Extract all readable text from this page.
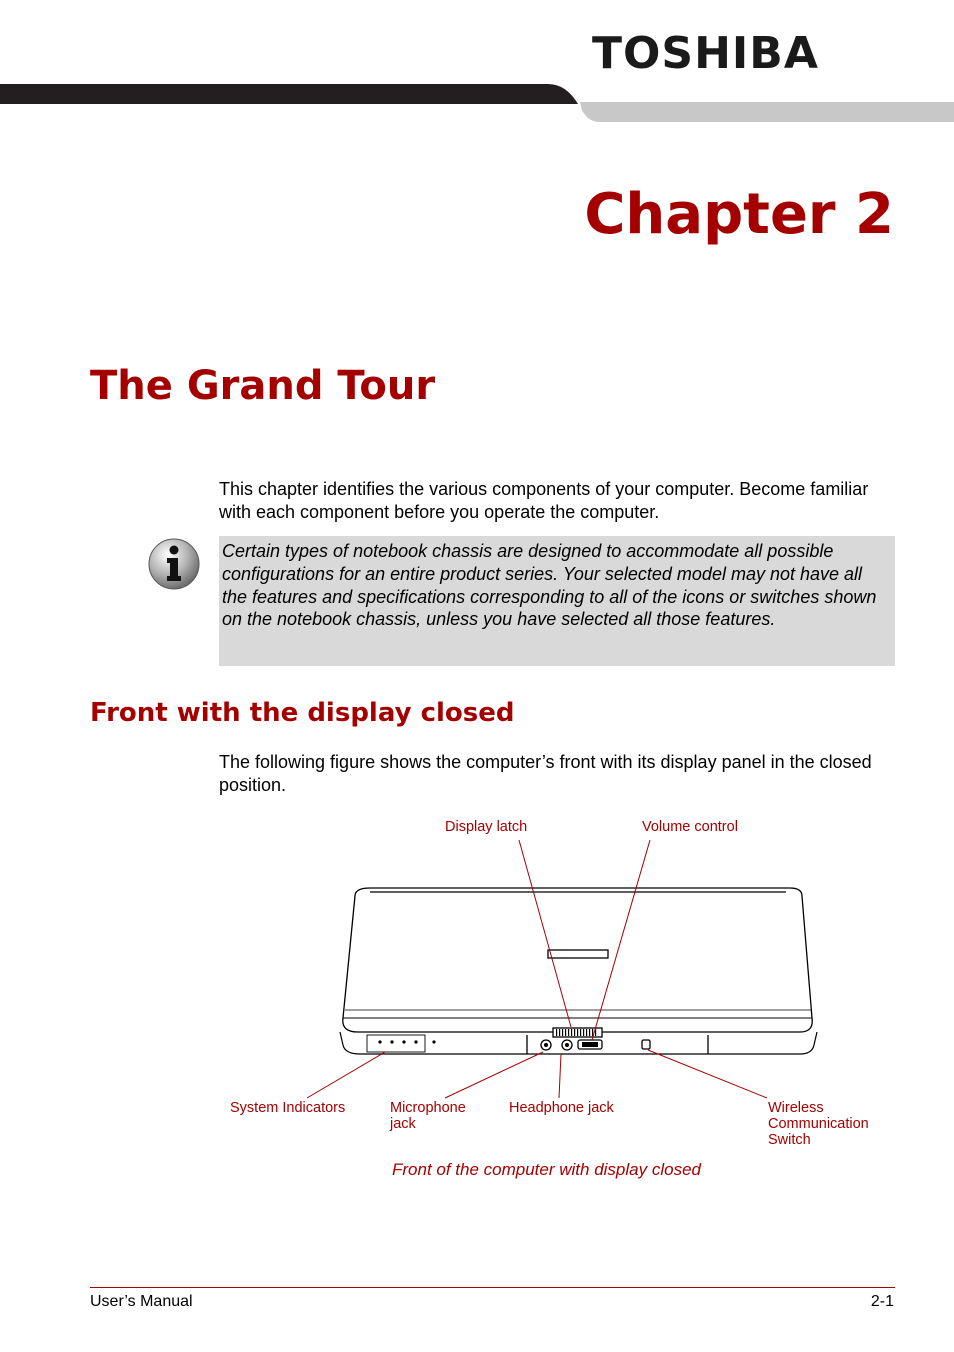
TOSHIBA
Chapter 2
The Grand Tour
This chapter identifies the various components of your computer. Become familiar with each component before you operate the computer.
Certain types of notebook chassis are designed to accommodate all possible configurations for an entire product series. Your selected model may not have all the features and specifications corresponding to all of the icons or switches shown on the notebook chassis, unless you have selected all those features.
Front with the display closed
The following figure shows the computer’s front with its display panel in the closed position.
Display latch	Volume control
System Indicators	Microphone jack
Headphone jack	Wireless Communication Switch
Front of the computer with display closed
User’s Manual	2-1
